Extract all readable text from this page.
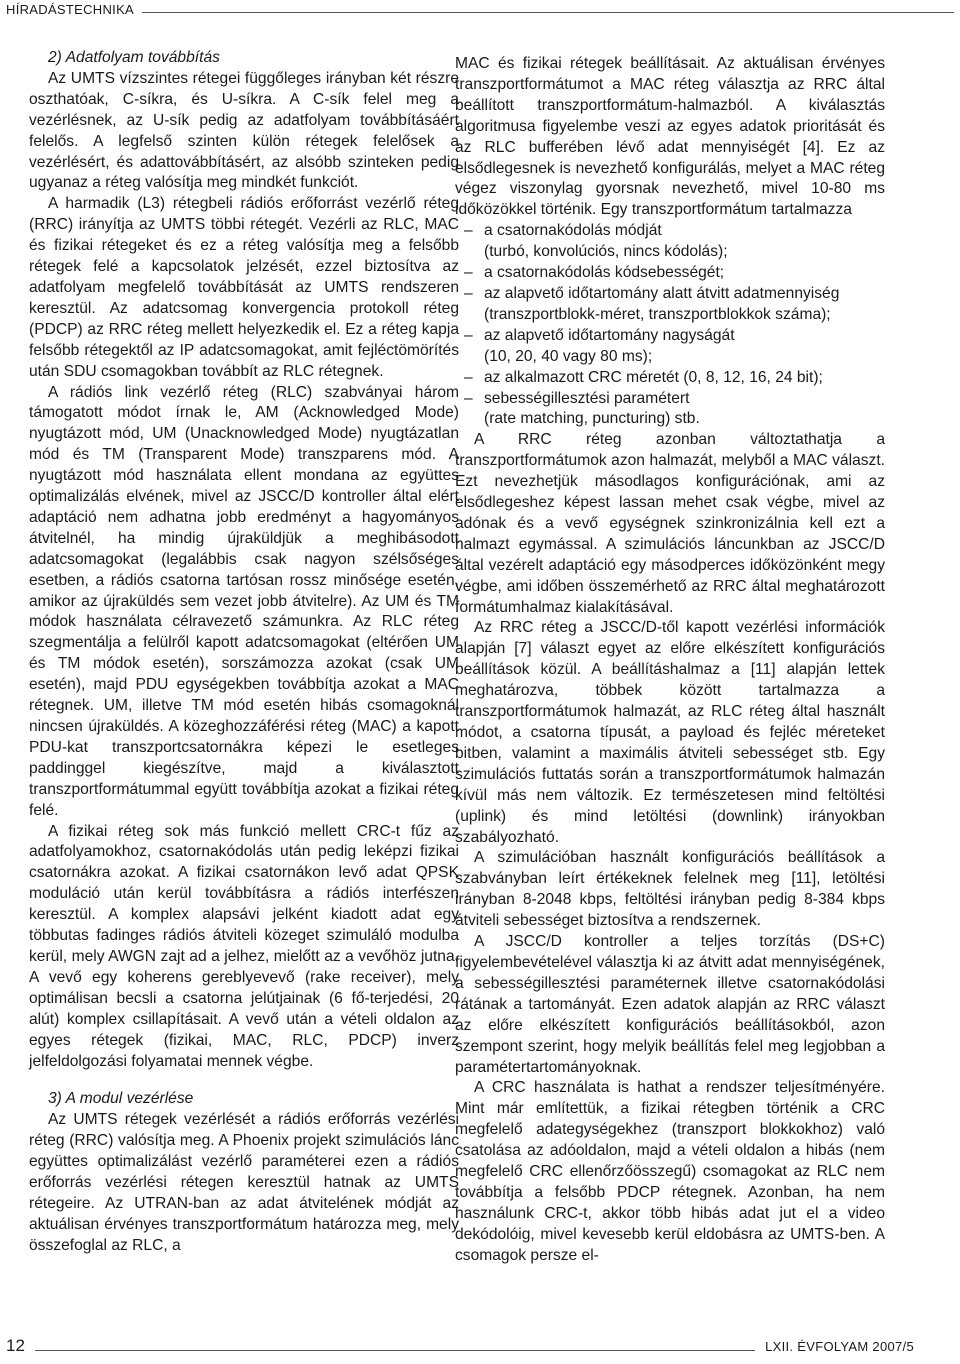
HÍRADÁSTECHNIKA
2) Adatfolyam továbbítás

Az UMTS vízszintes rétegei függőleges irányban két részre oszthatóak, C-síkra, és U-síkra. A C-sík felel meg a vezérlésnek, az U-sík pedig az adatfolyam továbbításáért felelős. A legfelső szinten külön rétegek felelősek a vezérlésért, és adattovábbításért, az alsóbb szinteken pedig ugyanaz a réteg valósítja meg mindkét funkciót.

A harmadik (L3) rétegbeli rádiós erőforrást vezérlő réteg (RRC) irányítja az UMTS többi rétegét. Vezérli az RLC, MAC és fizikai rétegeket és ez a réteg valósítja meg a felsőbb rétegek felé a kapcsolatok jelzését, ezzel biztosítva az adatfolyam megfelelő továbbítását az UMTS rendszeren keresztül. Az adatcsomag konvergencia protokoll réteg (PDCP) az RRC réteg mellett helyezkedik el. Ez a réteg kapja felsőbb rétegektől az IP adatcsomagokat, amit fejléctömörítés után SDU csomagokban továbbít az RLC rétegnek.

A rádiós link vezérlő réteg (RLC) szabványai három támogatott módot írnak le, AM (Acknowledged Mode) nyugtázott mód, UM (Unacknowledged Mode) nyugtázatlan mód és TM (Transparent Mode) transzparens mód. A nyugtázott mód használata ellent mondana az együttes optimalizálás elvének, mivel az JSCC/D kontroller által elért adaptáció nem adhatna jobb eredményt a hagyományos átvitelnél, ha mindig újraküldjük a meghibásodott adatcsomagokat (legalábbis csak nagyon szélsőséges esetben, a rádiós csatorna tartósan rossz minősége esetén, amikor az újraküldés sem vezet jobb átvitelre). Az UM és TM módok használata célravezető számunkra. Az RLC réteg szegmentálja a felülről kapott adatcsomagokat (eltérően UM és TM módok esetén), sorszámozza azokat (csak UM esetén), majd PDU egységekben továbbítja azokat a MAC rétegnek. UM, illetve TM mód esetén hibás csomagoknál nincsen újraküldés. A közeghozzáférési réteg (MAC) a kapott PDU-kat transzportcsatornákra képezi le esetleges paddinggel kiegészítve, majd a kiválasztott transzportformátummal együtt továbbítja azokat a fizikai réteg felé.

A fizikai réteg sok más funkció mellett CRC-t fűz az adatfolyamokhoz, csatornakódolás után pedig leképzi fizikai csatornákra azokat. A fizikai csatornákon levő adat QPSK moduláció után kerül továbbításra a rádiós interfészen keresztül. A komplex alapsávi jelként kiadott adat egy többutas fadinges rádiós átviteli közeget szimuláló modulba kerül, mely AWGN zajt ad a jelhez, mielőtt az a vevőhöz jutna. A vevő egy koherens gereblyevevő (rake receiver), mely optimálisan becsli a csatorna jelútjainak (6 fő-terjedési, 20 alút) komplex csillapításait. A vevő után a vételi oldalon az egyes rétegek (fizikai, MAC, RLC, PDCP) inverz jelfeldolgozási folyamatai mennek végbe.

3) A modul vezérlése

Az UMTS rétegek vezérlését a rádiós erőforrás vezérlési réteg (RRC) valósítja meg. A Phoenix projekt szimulációs lánc együttes optimalizálást vezérlő paraméterei ezen a rádiós erőforrás vezérlési rétegen keresztül hatnak az UMTS rétegeire. Az UTRAN-ban az adat átvitelének módját az aktuálisan érvényes transzportformátum határozza meg, mely összefoglal az RLC, a

MAC és fizikai rétegek beállításait. Az aktuálisan érvényes transzportformátumot a MAC réteg választja az RRC által beállított transzportformátum-halmazból. A kiválasztás algoritmusa figyelembe veszi az egyes adatok prioritását és az RLC bufferében lévő adat mennyiségét [4]. Ez az elsődlegesnek is nevezhető konfigurálás, melyet a MAC réteg végez viszonylag gyorsnak nevezhető, mivel 10-80 ms időközökkel történik. Egy transzportformátum tartalmazza

– a csatornakódolás módját
(turbó, konvolúciós, nincs kódolás);
– a csatornakódolás kódsebességét;
– az alapvető időtartomány alatt átvitt adatmennyiség
(transzportblokk-méret, transzportblokkok száma);
– az alapvető időtartomány nagyságát
(10, 20, 40 vagy 80 ms);
– az alkalmazott CRC méretét (0, 8, 12, 16, 24 bit);
– sebességillesztési paramétert
(rate matching, puncturing) stb.

A RRC réteg azonban változtathatja a transzportformátumok azon halmazát, melyből a MAC választ. Ezt nevezhetjük másodlagos konfigurációnak, ami az elsődlegeshez képest lassan mehet csak végbe, mivel az adónak és a vevő egységnek szinkronizálnia kell ezt a halmazt egymással. A szimulációs láncunkban az JSCC/D által vezérelt adaptáció egy másodperces időközönként megy végbe, ami időben összemérhető az RRC által meghatározott formátumhalmaz kialakításával.

Az RRC réteg a JSCC/D-től kapott vezérlési információk alapján [7] választ egyet az előre elkészített konfigurációs beállítások közül. A beállításhalmaz a [11] alapján lettek meghatározva, többek között tartalmazza a transzportformátumok halmazát, az RLC réteg által használt módot, a csatorna típusát, a payload és fejléc méreteket bitben, valamint a maximális átviteli sebességet stb. Egy szimulációs futtatás során a transzportformátumok halmazán kívül más nem változik. Ez természetesen mind feltöltési (uplink) és mind letöltési (downlink) irányokban szabályozható.

A szimulációban használt konfigurációs beállítások a szabványban leírt értékeknek felelnek meg [11], letöltési irányban 8-2048 kbps, feltöltési irányban pedig 8-384 kbps átviteli sebességet biztosítva a rendszernek.

A JSCC/D kontroller a teljes torzítás (DS+C) figyelembevételével választja ki az átvitt adat mennyiségének, a sebességillesztési paraméternek illetve csatornakódolási rátának a tartományát. Ezen adatok alapján az RRC választ az előre elkészített konfigurációs beállításokból, azon szempont szerint, hogy melyik beállítás felel meg legjobban a paramétertartományoknak.

A CRC használata is hathat a rendszer teljesítményére. Mint már említettük, a fizikai rétegben történik a CRC megfelelő adategységekhez (transzport blokkokhoz) való csatolása az adóoldalon, majd a vételi oldalon a hibás (nem megfelelő CRC ellenőrzőösszegű) csomagokat az RLC nem továbbítja a felsőbb PDCP rétegnek. Azonban, ha nem használunk CRC-t, akkor több hibás adat jut el a video dekódolóig, mivel kevesebb kerül eldobásra az UMTS-ben. A csomagok persze el-

12	LXII. ÉVFOLYAM 2007/5
